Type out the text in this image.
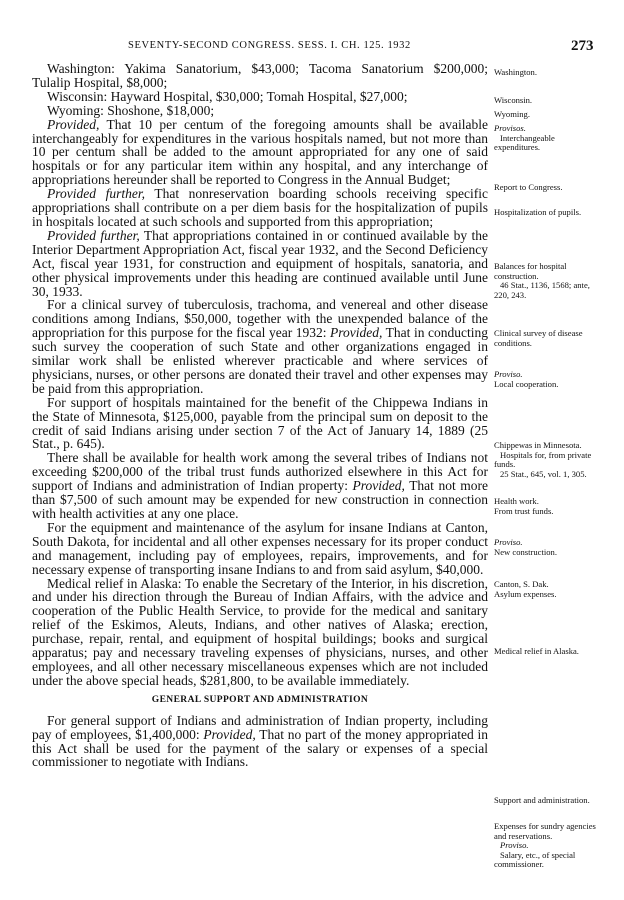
SEVENTY-SECOND CONGRESS. SESS. I. CH. 125. 1932	273

Washington: Yakima Sanatorium, $43,000; Tacoma Sanatorium $200,000; Tulalip Hospital, $8,000;

Wisconsin: Hayward Hospital, $30,000; Tomah Hospital, $27,000;

Wyoming: Shoshone, $18,000;

Provided, That 10 per centum of the foregoing amounts shall be available interchangeably for expenditures in the various hospitals named, but not more than 10 per centum shall be added to the amount appropriated for any one of said hospitals or for any particular item within any hospital, and any interchange of appropriations hereunder shall be reported to Congress in the Annual Budget;

Provided further, That nonreservation boarding schools receiving specific appropriations shall contribute on a per diem basis for the hospitalization of pupils in hospitals located at such schools and supported from this appropriation;

Provided further, That appropriations contained in or continued available by the Interior Department Appropriation Act, fiscal year 1932, and the Second Deficiency Act, fiscal year 1931, for construction and equipment of hospitals, sanatoria, and other physical improvements under this heading are continued available until June 30, 1933.

For a clinical survey of tuberculosis, trachoma, and venereal and other disease conditions among Indians, $50,000, together with the unexpended balance of the appropriation for this purpose for the fiscal year 1932: Provided, That in conducting such survey the cooperation of such State and other organizations engaged in similar work shall be enlisted wherever practicable and where services of physicians, nurses, or other persons are donated their travel and other expenses may be paid from this appropriation.

For support of hospitals maintained for the benefit of the Chippewa Indians in the State of Minnesota, $125,000, payable from the principal sum on deposit to the credit of said Indians arising under section 7 of the Act of January 14, 1889 (25 Stat., p. 645).

There shall be available for health work among the several tribes of Indians not exceeding $200,000 of the tribal trust funds authorized elsewhere in this Act for support of Indians and administration of Indian property: Provided, That not more than $7,500 of such amount may be expended for new construction in connection with health activities at any one place.

For the equipment and maintenance of the asylum for insane Indians at Canton, South Dakota, for incidental and all other expenses necessary for its proper conduct and management, including pay of employees, repairs, improvements, and for necessary expense of transporting insane Indians to and from said asylum, $40,000.

Medical relief in Alaska: To enable the Secretary of the Interior, in his discretion, and under his direction through the Bureau of Indian Affairs, with the advice and cooperation of the Public Health Service, to provide for the medical and sanitary relief of the Eskimos, Aleuts, Indians, and other natives of Alaska; erection, purchase, repair, rental, and equipment of hospital buildings; books and surgical apparatus; pay and necessary traveling expenses of physicians, nurses, and other employees, and all other necessary miscellaneous expenses which are not included under the above special heads, $281,800, to be available immediately.

GENERAL SUPPORT AND ADMINISTRATION

For general support of Indians and administration of Indian property, including pay of employees, $1,400,000: Provided, That no part of the money appropriated in this Act shall be used for the payment of the salary or expenses of a special commissioner to negotiate with Indians.

Washington.
Wisconsin.
Wyoming.
Provisos.
Interchangeable expenditures.
Report to Congress.
Hospitalization of pupils.
Balances for hospital construction.
46 Stat., 1136, 1568; ante, 220, 243.
Clinical survey of disease conditions.
Proviso.
Local cooperation.
Chippewas in Minnesota.
Hospitals for, from private funds.
25 Stat., 645, vol. 1, 305.
Health work.
From trust funds.
Proviso.
New construction.
Canton, S. Dak.
Asylum expenses.
Medical relief in Alaska.
Support and administration.
Expenses for sundry agencies and reservations.
Proviso.
Salary, etc., of special commissioner.
